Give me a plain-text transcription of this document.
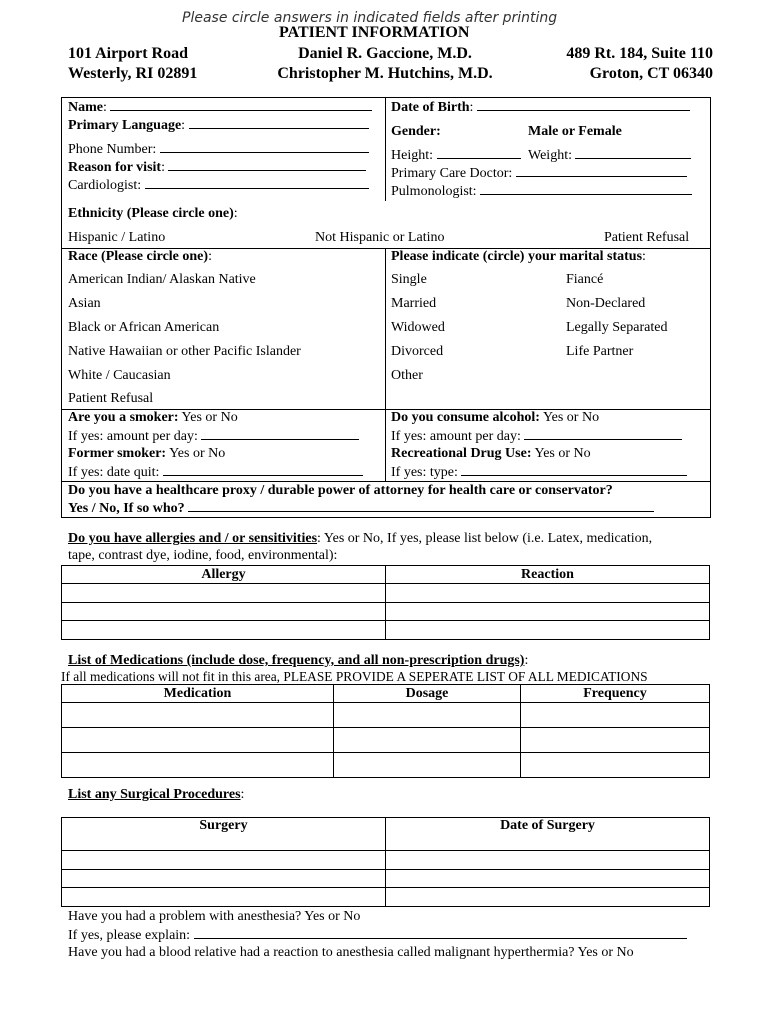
Please circle answers in indicated fields after printing
PATIENT INFORMATION
101 Airport Road
Westerly, RI 02891
Daniel R. Gaccione, M.D.
Christopher M. Hutchins, M.D.
489 Rt. 184, Suite 110
Groton, CT 06340
Name:
Primary Language:
Phone Number:
Reason for visit:
Cardiologist:
Date of Birth:
Gender:	Male or Female
Height:	Weight:
Primary Care Doctor:
Pulmonologist:
Ethnicity (Please circle one):
Hispanic / Latino	Not Hispanic or Latino	Patient Refusal
Race (Please circle one):
American Indian/ Alaskan Native
Asian
Black or African American
Native Hawaiian or other Pacific Islander
White / Caucasian
Patient Refusal
Please indicate (circle) your marital status:
Single
Married
Widowed
Divorced
Other
Fiancé
Non-Declared
Legally Separated
Life Partner
Are you a smoker: Yes or No
If yes: amount per day:
Former smoker: Yes or No
If yes: date quit:
Do you consume alcohol: Yes or No
If yes: amount per day:
Recreational Drug Use: Yes or No
If yes: type:
Do you have a healthcare proxy / durable power of attorney for health care or conservator?
Yes / No, If so who?
Do you have allergies and / or sensitivities: Yes or No, If yes, please list below (i.e. Latex, medication,
tape, contrast dye, iodine, food, environmental):
Allergy	Reaction

List of Medications (include dose, frequency, and all non-prescription drugs):
If all medications will not fit in this area, PLEASE PROVIDE A SEPERATE LIST OF ALL MEDICATIONS
Medication	Dosage	Frequency

List any Surgical Procedures:
Surgery	Date of Surgery

Have you had a problem with anesthesia? Yes or No
If yes, please explain:
Have you had a blood relative had a reaction to anesthesia called malignant hyperthermia? Yes or No
